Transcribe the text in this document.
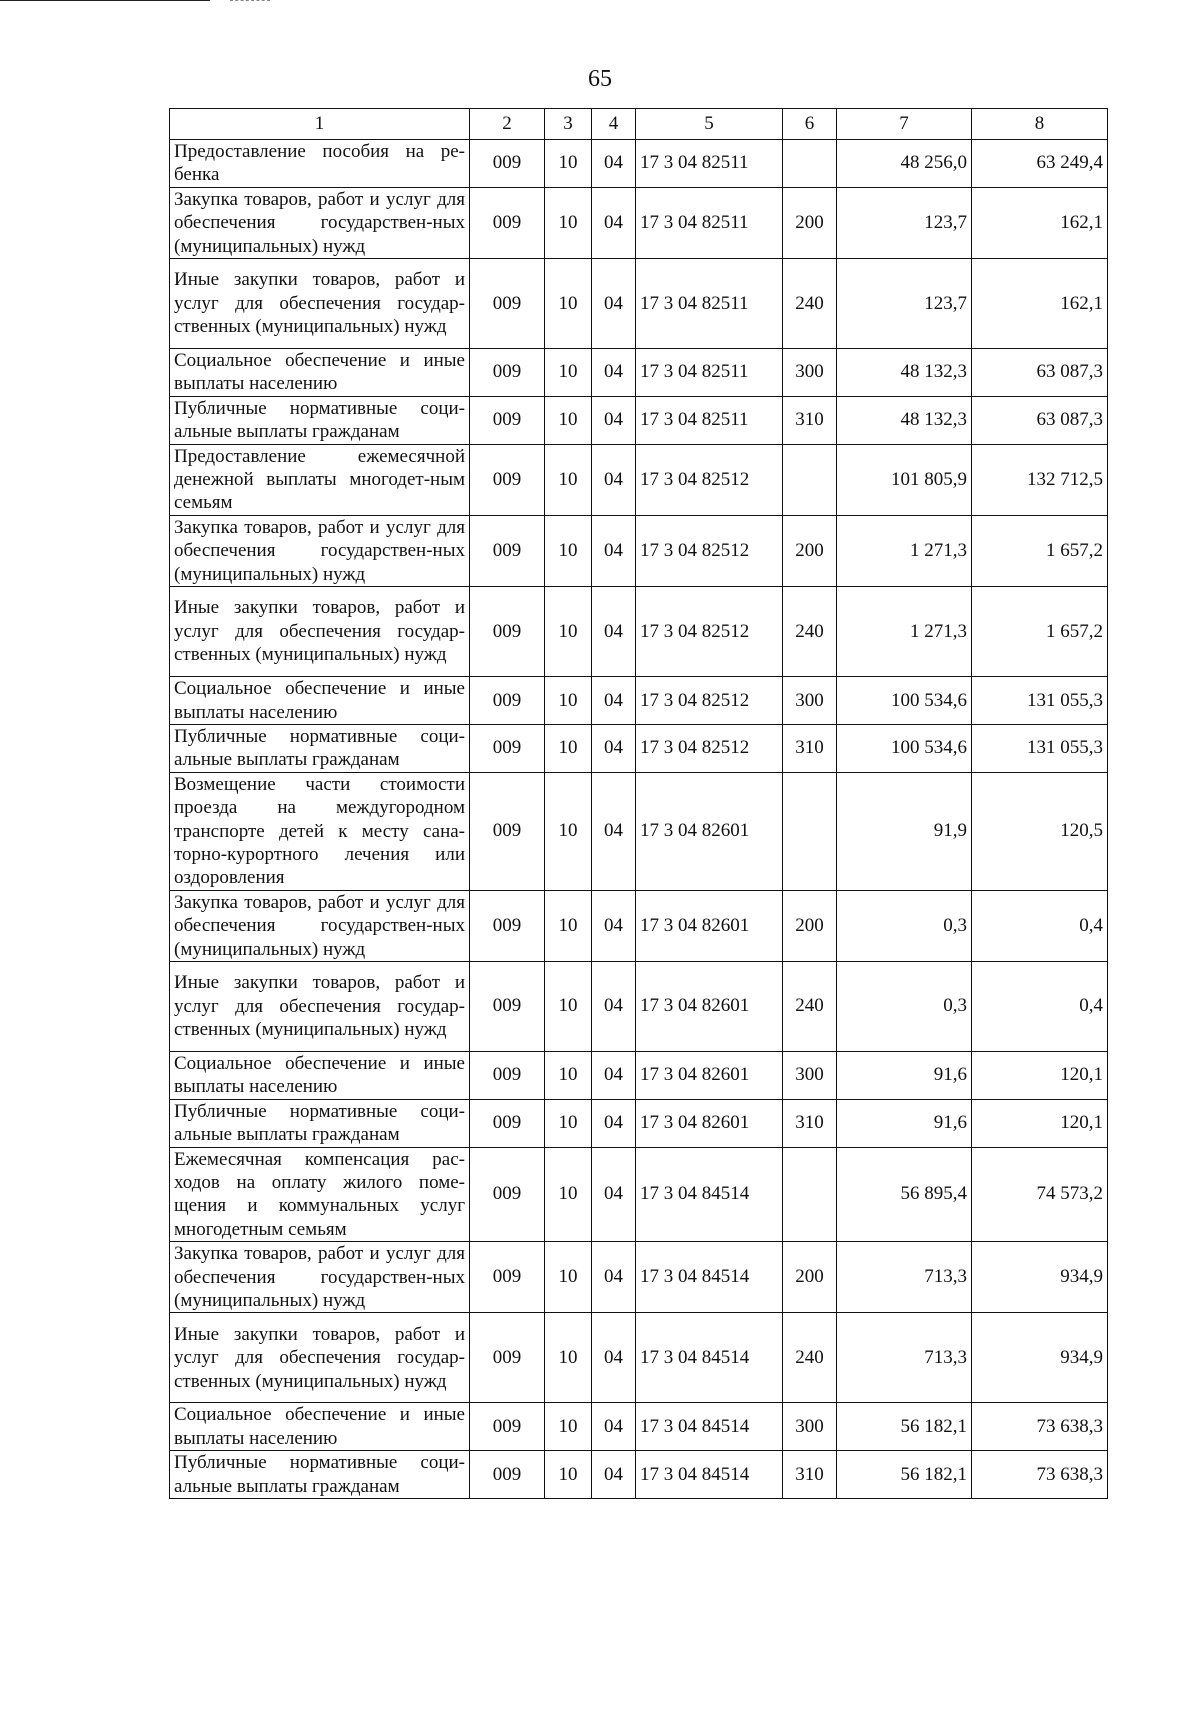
65
1	2	3	4	5	6	7	8
Предоставление пособия на ре-бенка	009	10	04	17 3 04 82511		48 256,0	63 249,4
Закупка товаров, работ и услуг для обеспечения государствен-ных (муниципальных) нужд	009	10	04	17 3 04 82511	200	123,7	162,1
Иные закупки товаров, работ и услуг для обеспечения государ-ственных (муниципальных) нужд	009	10	04	17 3 04 82511	240	123,7	162,1
Социальное обеспечение и иные выплаты населению	009	10	04	17 3 04 82511	300	48 132,3	63 087,3
Публичные нормативные соци-альные выплаты гражданам	009	10	04	17 3 04 82511	310	48 132,3	63 087,3
Предоставление ежемесячной денежной выплаты многодет-ным семьям	009	10	04	17 3 04 82512		101 805,9	132 712,5
Закупка товаров, работ и услуг для обеспечения государствен-ных (муниципальных) нужд	009	10	04	17 3 04 82512	200	1 271,3	1 657,2
Иные закупки товаров, работ и услуг для обеспечения государ-ственных (муниципальных) нужд	009	10	04	17 3 04 82512	240	1 271,3	1 657,2
Социальное обеспечение и иные выплаты населению	009	10	04	17 3 04 82512	300	100 534,6	131 055,3
Публичные нормативные соци-альные выплаты гражданам	009	10	04	17 3 04 82512	310	100 534,6	131 055,3
Возмещение части стоимости проезда на междугородном транспорте детей к месту сана-торно-курортного лечения или оздоровления	009	10	04	17 3 04 82601		91,9	120,5
Закупка товаров, работ и услуг для обеспечения государствен-ных (муниципальных) нужд	009	10	04	17 3 04 82601	200	0,3	0,4
Иные закупки товаров, работ и услуг для обеспечения государ-ственных (муниципальных) нужд	009	10	04	17 3 04 82601	240	0,3	0,4
Социальное обеспечение и иные выплаты населению	009	10	04	17 3 04 82601	300	91,6	120,1
Публичные нормативные соци-альные выплаты гражданам	009	10	04	17 3 04 82601	310	91,6	120,1
Ежемесячная компенсация рас-ходов на оплату жилого поме-щения и коммунальных услуг многодетным семьям	009	10	04	17 3 04 84514		56 895,4	74 573,2
Закупка товаров, работ и услуг для обеспечения государствен-ных (муниципальных) нужд	009	10	04	17 3 04 84514	200	713,3	934,9
Иные закупки товаров, работ и услуг для обеспечения государ-ственных (муниципальных) нужд	009	10	04	17 3 04 84514	240	713,3	934,9
Социальное обеспечение и иные выплаты населению	009	10	04	17 3 04 84514	300	56 182,1	73 638,3
Публичные нормативные соци-альные выплаты гражданам	009	10	04	17 3 04 84514	310	56 182,1	73 638,3
